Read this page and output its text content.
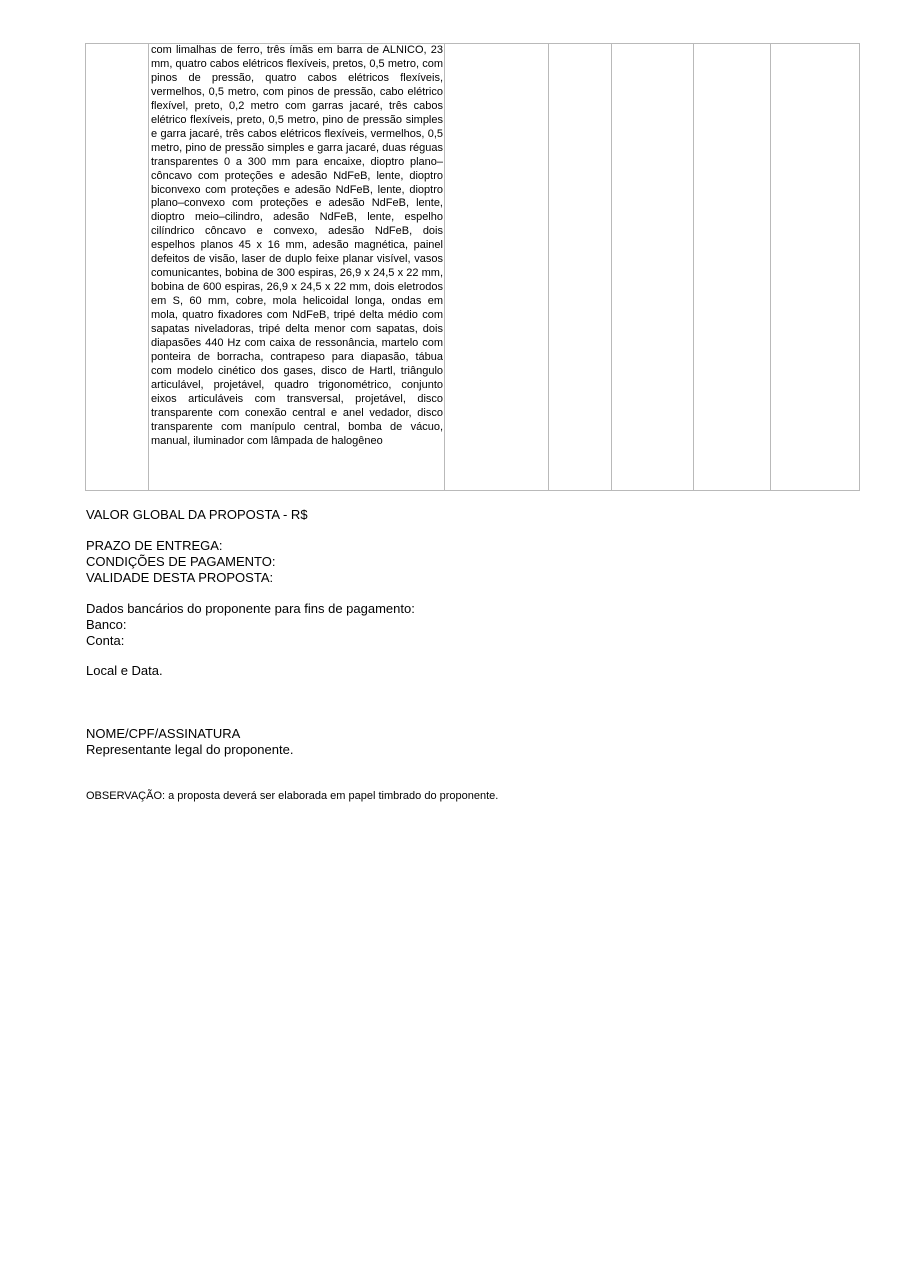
	com limalhas de ferro, três ímãs em barra de ALNICO, 23 mm, quatro cabos elétricos flexíveis, pretos, 0,5 metro, com pinos de pressão, quatro cabos elétricos flexíveis, vermelhos, 0,5 metro, com pinos de pressão, cabo elétrico flexível, preto, 0,2 metro com garras jacaré, três cabos elétrico flexíveis, preto, 0,5 metro, pino de pressão simples e garra jacaré, três cabos elétricos flexíveis, vermelhos, 0,5 metro, pino de pressão simples e garra jacaré, duas réguas transparentes 0 a 300 mm para encaixe, dioptro plano–côncavo com proteções e adesão NdFeB, lente, dioptro biconvexo com proteções e adesão NdFeB, lente, dioptro plano–convexo com proteções e adesão NdFeB, lente, dioptro meio–cilindro, adesão NdFeB, lente, espelho cilíndrico côncavo e convexo, adesão NdFeB, dois espelhos planos 45 x 16 mm, adesão magnética, painel defeitos de visão, laser de duplo feixe planar visível, vasos comunicantes, bobina de 300 espiras, 26,9 x 24,5 x 22 mm, bobina de 600 espiras, 26,9 x 24,5 x 22 mm, dois eletrodos em S, 60 mm, cobre, mola helicoidal longa, ondas em mola, quatro fixadores com NdFeB, tripé delta médio com sapatas niveladoras, tripé delta menor com sapatas, dois diapasões 440 Hz com caixa de ressonância, martelo com ponteira de borracha, contrapeso para diapasão, tábua com modelo cinético dos gases, disco de Hartl, triângulo articulável, projetável, quadro trigonométrico, conjunto eixos articuláveis com transversal, projetável, disco transparente com conexão central e anel vedador, disco transparente com manípulo central, bomba de vácuo, manual, iluminador com lâmpada de halogêneo					
VALOR GLOBAL DA PROPOSTA - R$
PRAZO DE ENTREGA:
CONDIÇÕES DE PAGAMENTO:
VALIDADE DESTA PROPOSTA:
Dados bancários do proponente para fins de pagamento:
Banco:
Conta:
Local e Data.
NOME/CPF/ASSINATURA
Representante legal do proponente.
OBSERVAÇÃO: a proposta deverá ser elaborada em papel timbrado do proponente.
